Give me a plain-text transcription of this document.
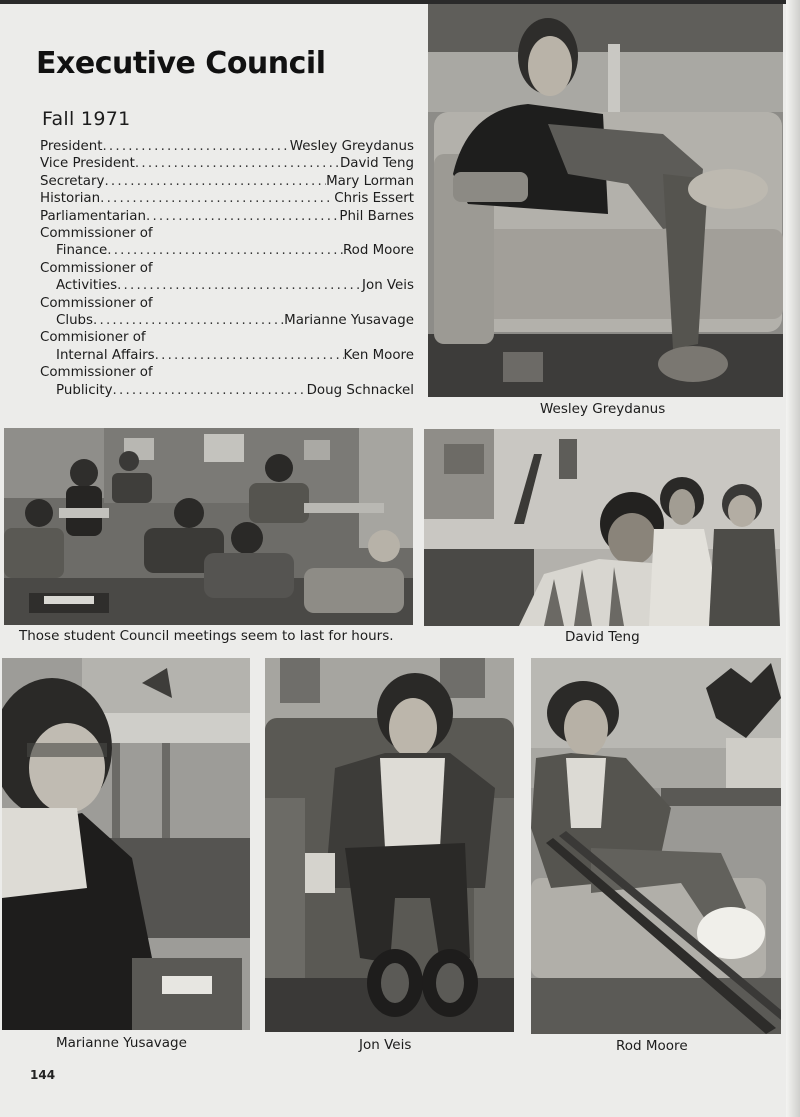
Executive Council
Fall 1971
President .....	Wesley Greydanus
Vice President .....	David Teng
Secretary .....	Mary Lorman
Historian .....	Chris Essert
Parliamentarian .....	Phil Barnes
Commissioner of
Finance .....	Rod Moore
Commissioner of
Activities .....	Jon Veis
Commissioner of
Clubs .....	Marianne Yusavage
Commisioner of
Internal Affairs .....	Ken Moore
Commissioner of
Publicity .....	Doug Schnackel
Wesley Greydanus
Those student Council meetings seem to last for hours.	David Teng
Marianne Yusavage	Jon Veis	Rod Moore
144
